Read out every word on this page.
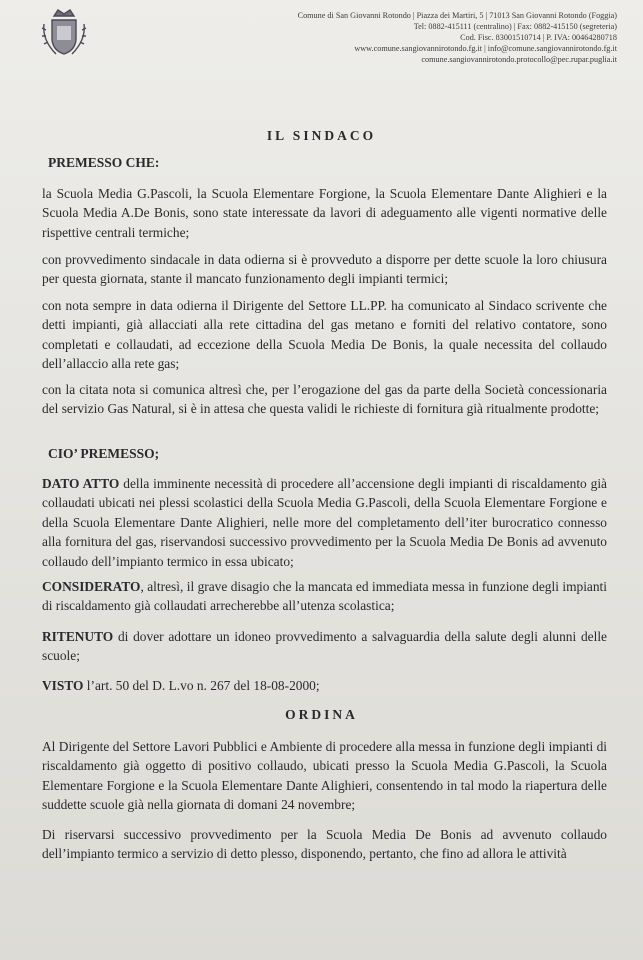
Comune di San Giovanni Rotondo | Piazza dei Martiri, 5 | 71013 San Giovanni Rotondo (Foggia)
Tel: 0882-415111 (centralino) | Fax: 0882-415150 (segreteria)
Cod. Fisc. 83001510714 | P. IVA: 00464280718
www.comune.sangiovannirotondo.fg.it | info@comune.sangiovannirotondo.fg.it
comune.sangiovannirotondo.protocollo@pec.rupar.puglia.it
IL SINDACO
PREMESSO CHE:
la Scuola Media G.Pascoli, la Scuola Elementare Forgione, la Scuola Elementare Dante Alighieri e la Scuola Media A.De Bonis, sono state interessate da lavori di adeguamento alle vigenti normative delle rispettive centrali termiche;
con provvedimento sindacale in data odierna si è provveduto a disporre per dette scuole la loro chiusura per questa giornata, stante il mancato funzionamento degli impianti termici;
con nota sempre in data odierna il Dirigente del Settore LL.PP. ha comunicato al Sindaco scrivente che detti impianti, già allacciati alla rete cittadina del gas metano e forniti del relativo contatore, sono completati e collaudati, ad eccezione della Scuola Media De Bonis, la quale necessita del collaudo dell’allaccio alla rete gas;
con la citata nota si comunica altresì che, per l’erogazione del gas da parte della Società concessionaria del servizio Gas Natural, si è in attesa che questa validi le richieste di fornitura già ritualmente prodotte;
CIO’ PREMESSO;
DATO ATTO della imminente necessità di procedere all’accensione degli impianti di riscaldamento già collaudati ubicati nei plessi scolastici della Scuola Media G.Pascoli, della Scuola Elementare Forgione e della Scuola Elementare Dante Alighieri, nelle more del completamento dell’iter burocratico connesso alla fornitura del gas, riservandosi successivo provvedimento per la Scuola Media De Bonis ad avvenuto collaudo dell’impianto termico in essa ubicato;
CONSIDERATO, altresì, il grave disagio che la mancata ed immediata messa in funzione degli impianti di riscaldamento già collaudati arrecherebbe all’utenza scolastica;
RITENUTO di dover adottare un idoneo provvedimento a salvaguardia della salute degli alunni delle scuole;
VISTO l’art. 50 del D. L.vo n. 267 del 18-08-2000;
ORDINA
Al Dirigente del Settore Lavori Pubblici e Ambiente di procedere alla messa in funzione degli impianti di riscaldamento già oggetto di positivo collaudo, ubicati presso la Scuola Media G.Pascoli, la Scuola Elementare Forgione e la Scuola Elementare Dante Alighieri, consentendo in tal modo la riapertura delle suddette scuole già nella giornata di domani 24 novembre;
Di riservarsi successivo provvedimento per la Scuola Media De Bonis ad avvenuto collaudo dell’impianto termico a servizio di detto plesso, disponendo, pertanto, che fino ad allora le attività
